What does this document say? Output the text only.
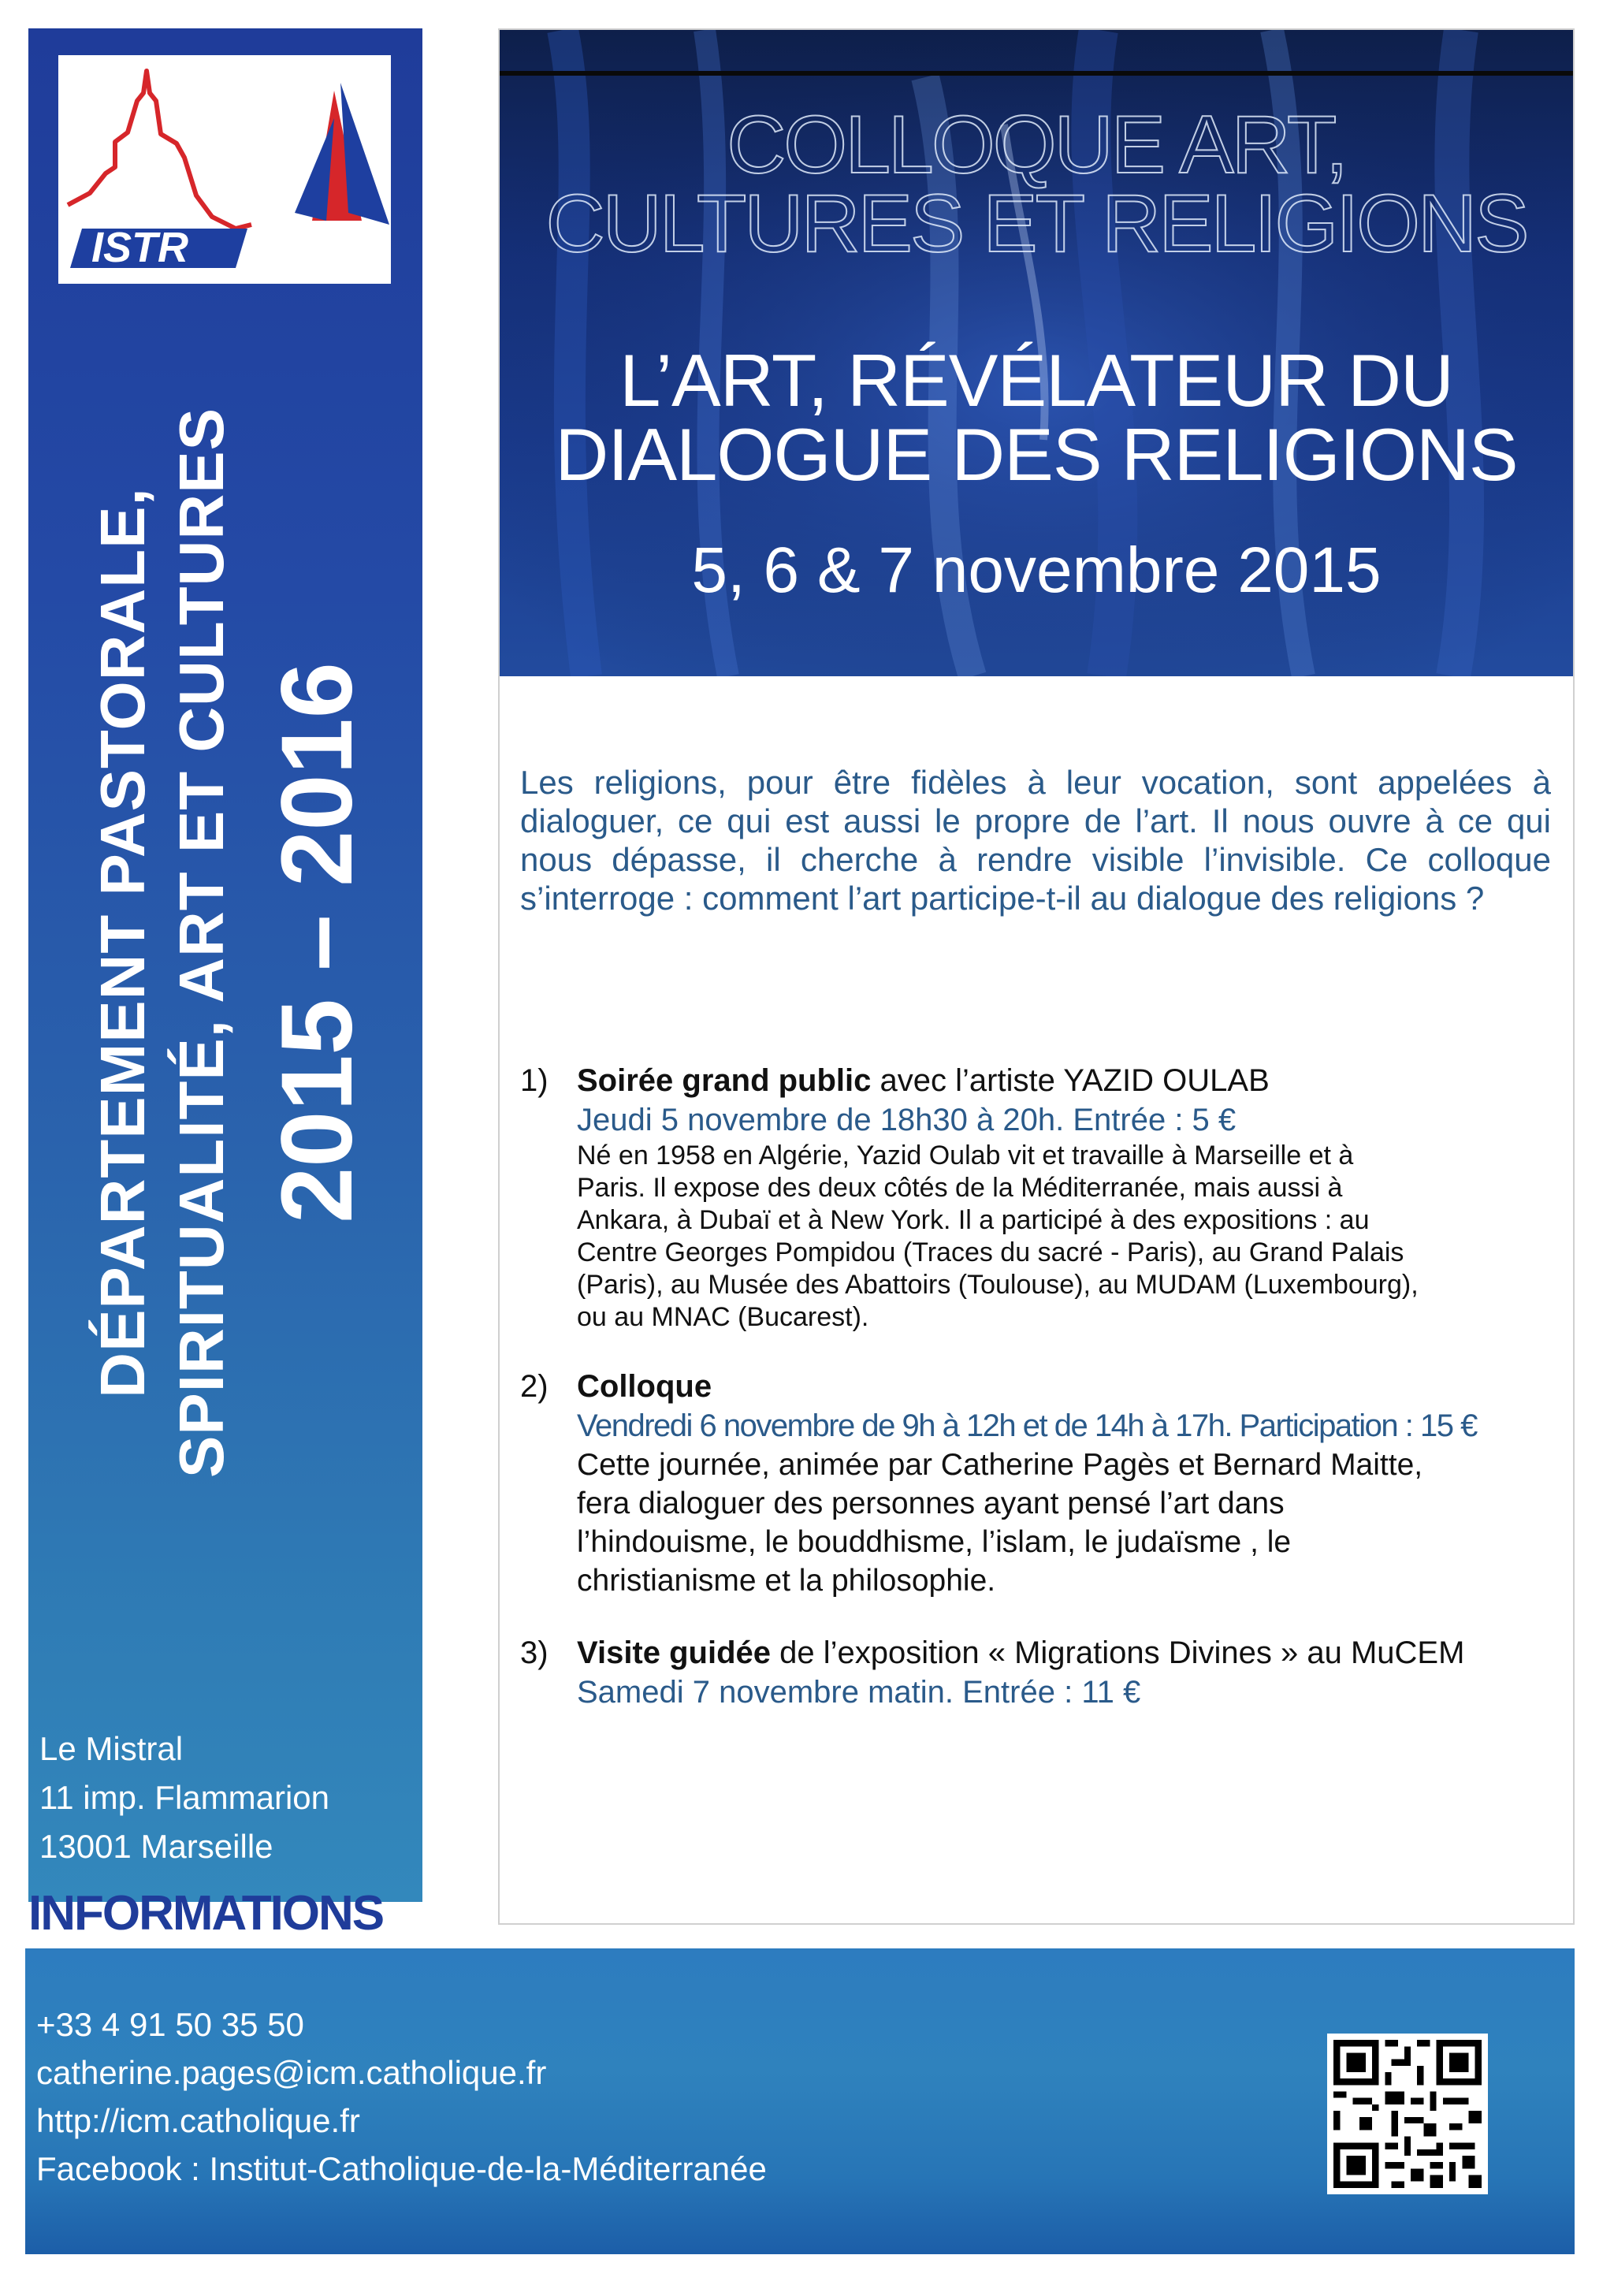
ISTR
DÉPARTEMENT PASTORALE, SPIRITUALITÉ, ART ET CULTURES 2015 – 2016
Le Mistral
11 imp. Flammarion
13001 Marseille
INFORMATIONS
COLLOQUE ART,
CULTURES ET RELIGIONS
L’ART, RÉVÉLATEUR DU
DIALOGUE DES RELIGIONS
5, 6 & 7 novembre 2015
Les religions, pour être fidèles à leur vocation, sont appelées à dialoguer, ce qui est aussi le propre de l’art. Il nous ouvre à ce qui nous dépasse, il cherche à rendre visible l’invisible. Ce colloque s’interroge : comment l’art participe-t-il au dialogue des religions ?
1) Soirée grand public avec l’artiste YAZID OULAB
Jeudi 5 novembre de 18h30 à 20h. Entrée : 5 €
Né en 1958 en Algérie, Yazid Oulab vit et travaille à Marseille et à
Paris. Il expose des deux côtés de la Méditerranée, mais aussi à
Ankara, à Dubaï et à New York. Il a participé à des expositions : au
Centre Georges Pompidou (Traces du sacré - Paris), au Grand Palais
(Paris), au Musée des Abattoirs (Toulouse), au MUDAM (Luxembourg),
ou au MNAC (Bucarest).
2) Colloque
Vendredi 6 novembre de 9h à 12h et de 14h à 17h. Participation : 15 €
Cette journée, animée par Catherine Pagès et Bernard Maitte,
fera dialoguer des personnes ayant pensé l’art dans
l’hindouisme, le bouddhisme, l’islam, le judaïsme , le
christianisme et la philosophie.
3) Visite guidée de l’exposition « Migrations Divines » au MuCEM
Samedi 7 novembre matin. Entrée : 11 €
+33 4 91 50 35 50
catherine.pages@icm.catholique.fr
http://icm.catholique.fr
Facebook : Institut-Catholique-de-la-Méditerranée
